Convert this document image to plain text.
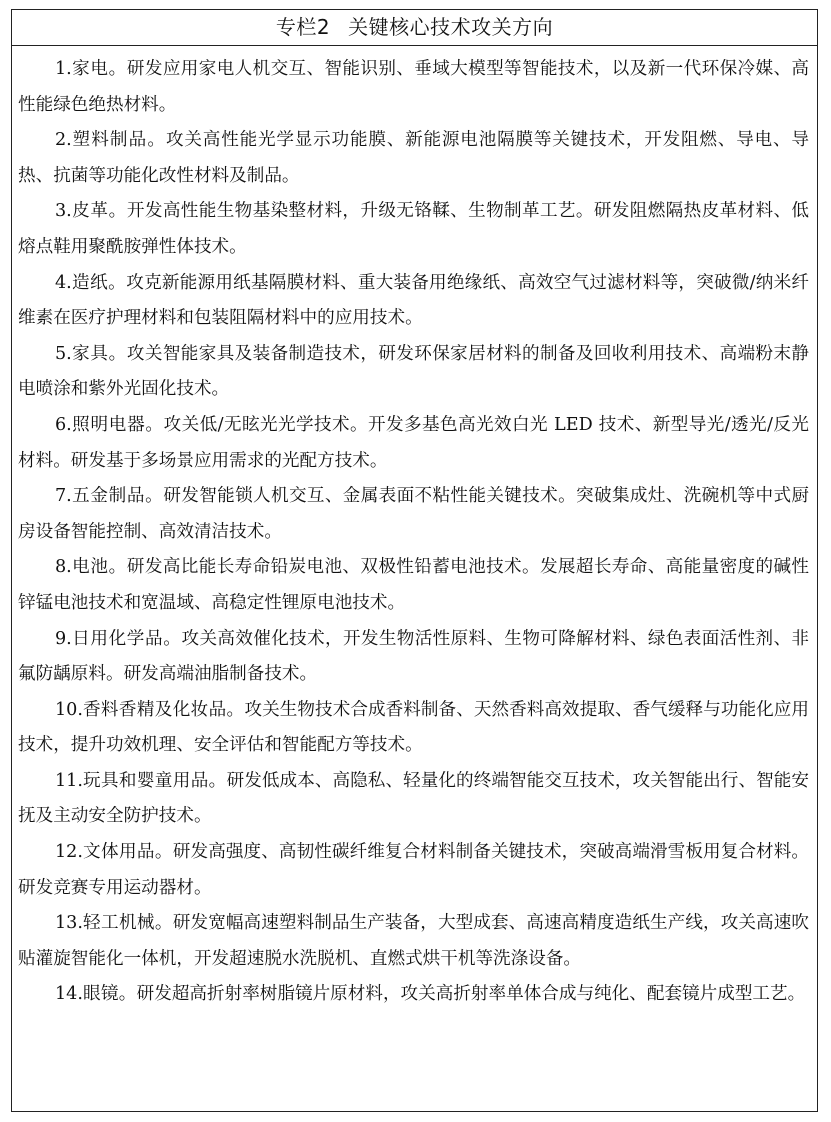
专栏2 关键核心技术攻关方向

1.家电。研发应用家电人机交互、智能识别、垂域大模型等智能技术，以及新一代环保冷媒、高性能绿色绝热材料。

2.塑料制品。攻关高性能光学显示功能膜、新能源电池隔膜等关键技术，开发阻燃、导电、导热、抗菌等功能化改性材料及制品。

3.皮革。开发高性能生物基染整材料，升级无铬鞣、生物制革工艺。研发阻燃隔热皮革材料、低熔点鞋用聚酰胺弹性体技术。

4.造纸。攻克新能源用纸基隔膜材料、重大装备用绝缘纸、高效空气过滤材料等，突破微/纳米纤维素在医疗护理材料和包装阻隔材料中的应用技术。

5.家具。攻关智能家具及装备制造技术，研发环保家居材料的制备及回收利用技术、高端粉末静电喷涂和紫外光固化技术。

6.照明电器。攻关低/无眩光光学技术。开发多基色高光效白光 LED 技术、新型导光/透光/反光材料。研发基于多场景应用需求的光配方技术。

7.五金制品。研发智能锁人机交互、金属表面不粘性能关键技术。突破集成灶、洗碗机等中式厨房设备智能控制、高效清洁技术。

8.电池。研发高比能长寿命铅炭电池、双极性铅蓄电池技术。发展超长寿命、高能量密度的碱性锌锰电池技术和宽温域、高稳定性锂原电池技术。

9.日用化学品。攻关高效催化技术，开发生物活性原料、生物可降解材料、绿色表面活性剂、非氟防龋原料。研发高端油脂制备技术。

10.香料香精及化妆品。攻关生物技术合成香料制备、天然香料高效提取、香气缓释与功能化应用技术，提升功效机理、安全评估和智能配方等技术。

11.玩具和婴童用品。研发低成本、高隐私、轻量化的终端智能交互技术，攻关智能出行、智能安抚及主动安全防护技术。

12.文体用品。研发高强度、高韧性碳纤维复合材料制备关键技术，突破高端滑雪板用复合材料。研发竞赛专用运动器材。

13.轻工机械。研发宽幅高速塑料制品生产装备，大型成套、高速高精度造纸生产线，攻关高速吹贴灌旋智能化一体机，开发超速脱水洗脱机、直燃式烘干机等洗涤设备。

14.眼镜。研发超高折射率树脂镜片原材料，攻关高折射率单体合成与纯化、配套镜片成型工艺。
